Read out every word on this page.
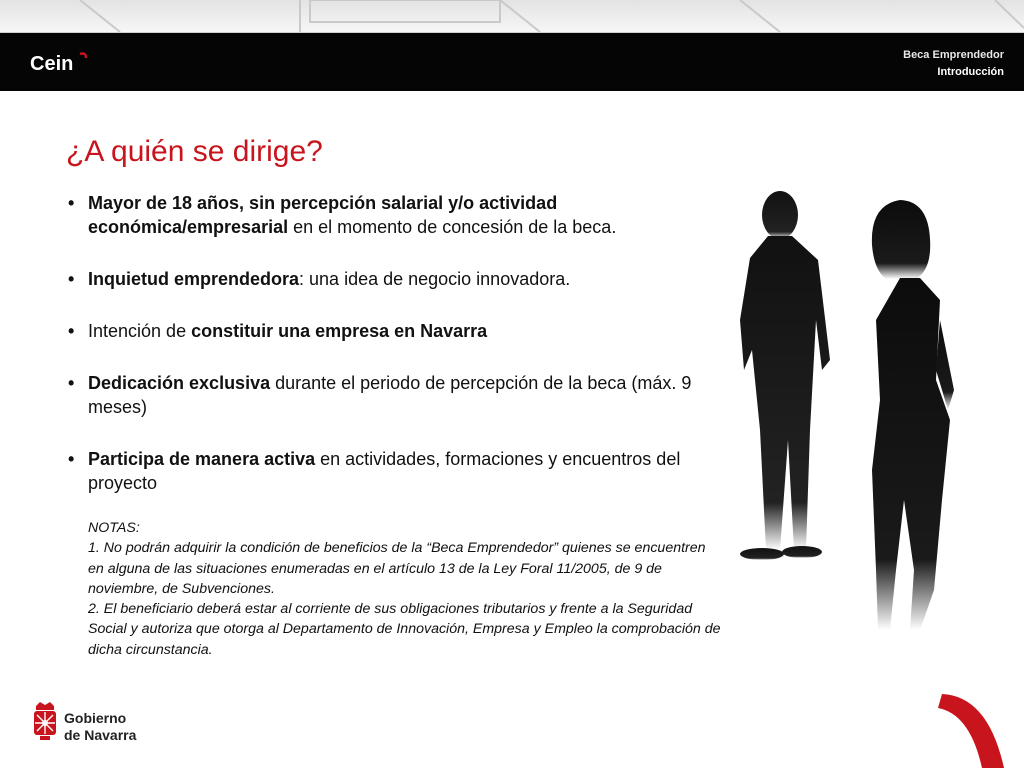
Cein	Beca Emprendedor
Introducción
¿A quién se dirige?
• Mayor de 18 años, sin percepción salarial y/o actividad económica/empresarial en el momento de concesión de la beca.
• Inquietud emprendedora: una idea de negocio innovadora.
• Intención de constituir una empresa en Navarra
• Dedicación exclusiva durante el periodo de percepción de la beca (máx. 9 meses)
• Participa de manera activa en actividades, formaciones y encuentros del proyecto
NOTAS:
1. No podrán adquirir la condición de beneficios de la “Beca Emprendedor” quienes se encuentren en alguna de las situaciones enumeradas en el artículo 13 de la Ley Foral 11/2005, de 9 de noviembre, de Subvenciones.
2. El beneficiario deberá estar al corriente de sus obligaciones tributarios y frente a la Seguridad Social y autoriza que otorga al Departamento de Innovación, Empresa y Empleo la comprobación de dicha circunstancia.
Gobierno
de Navarra
